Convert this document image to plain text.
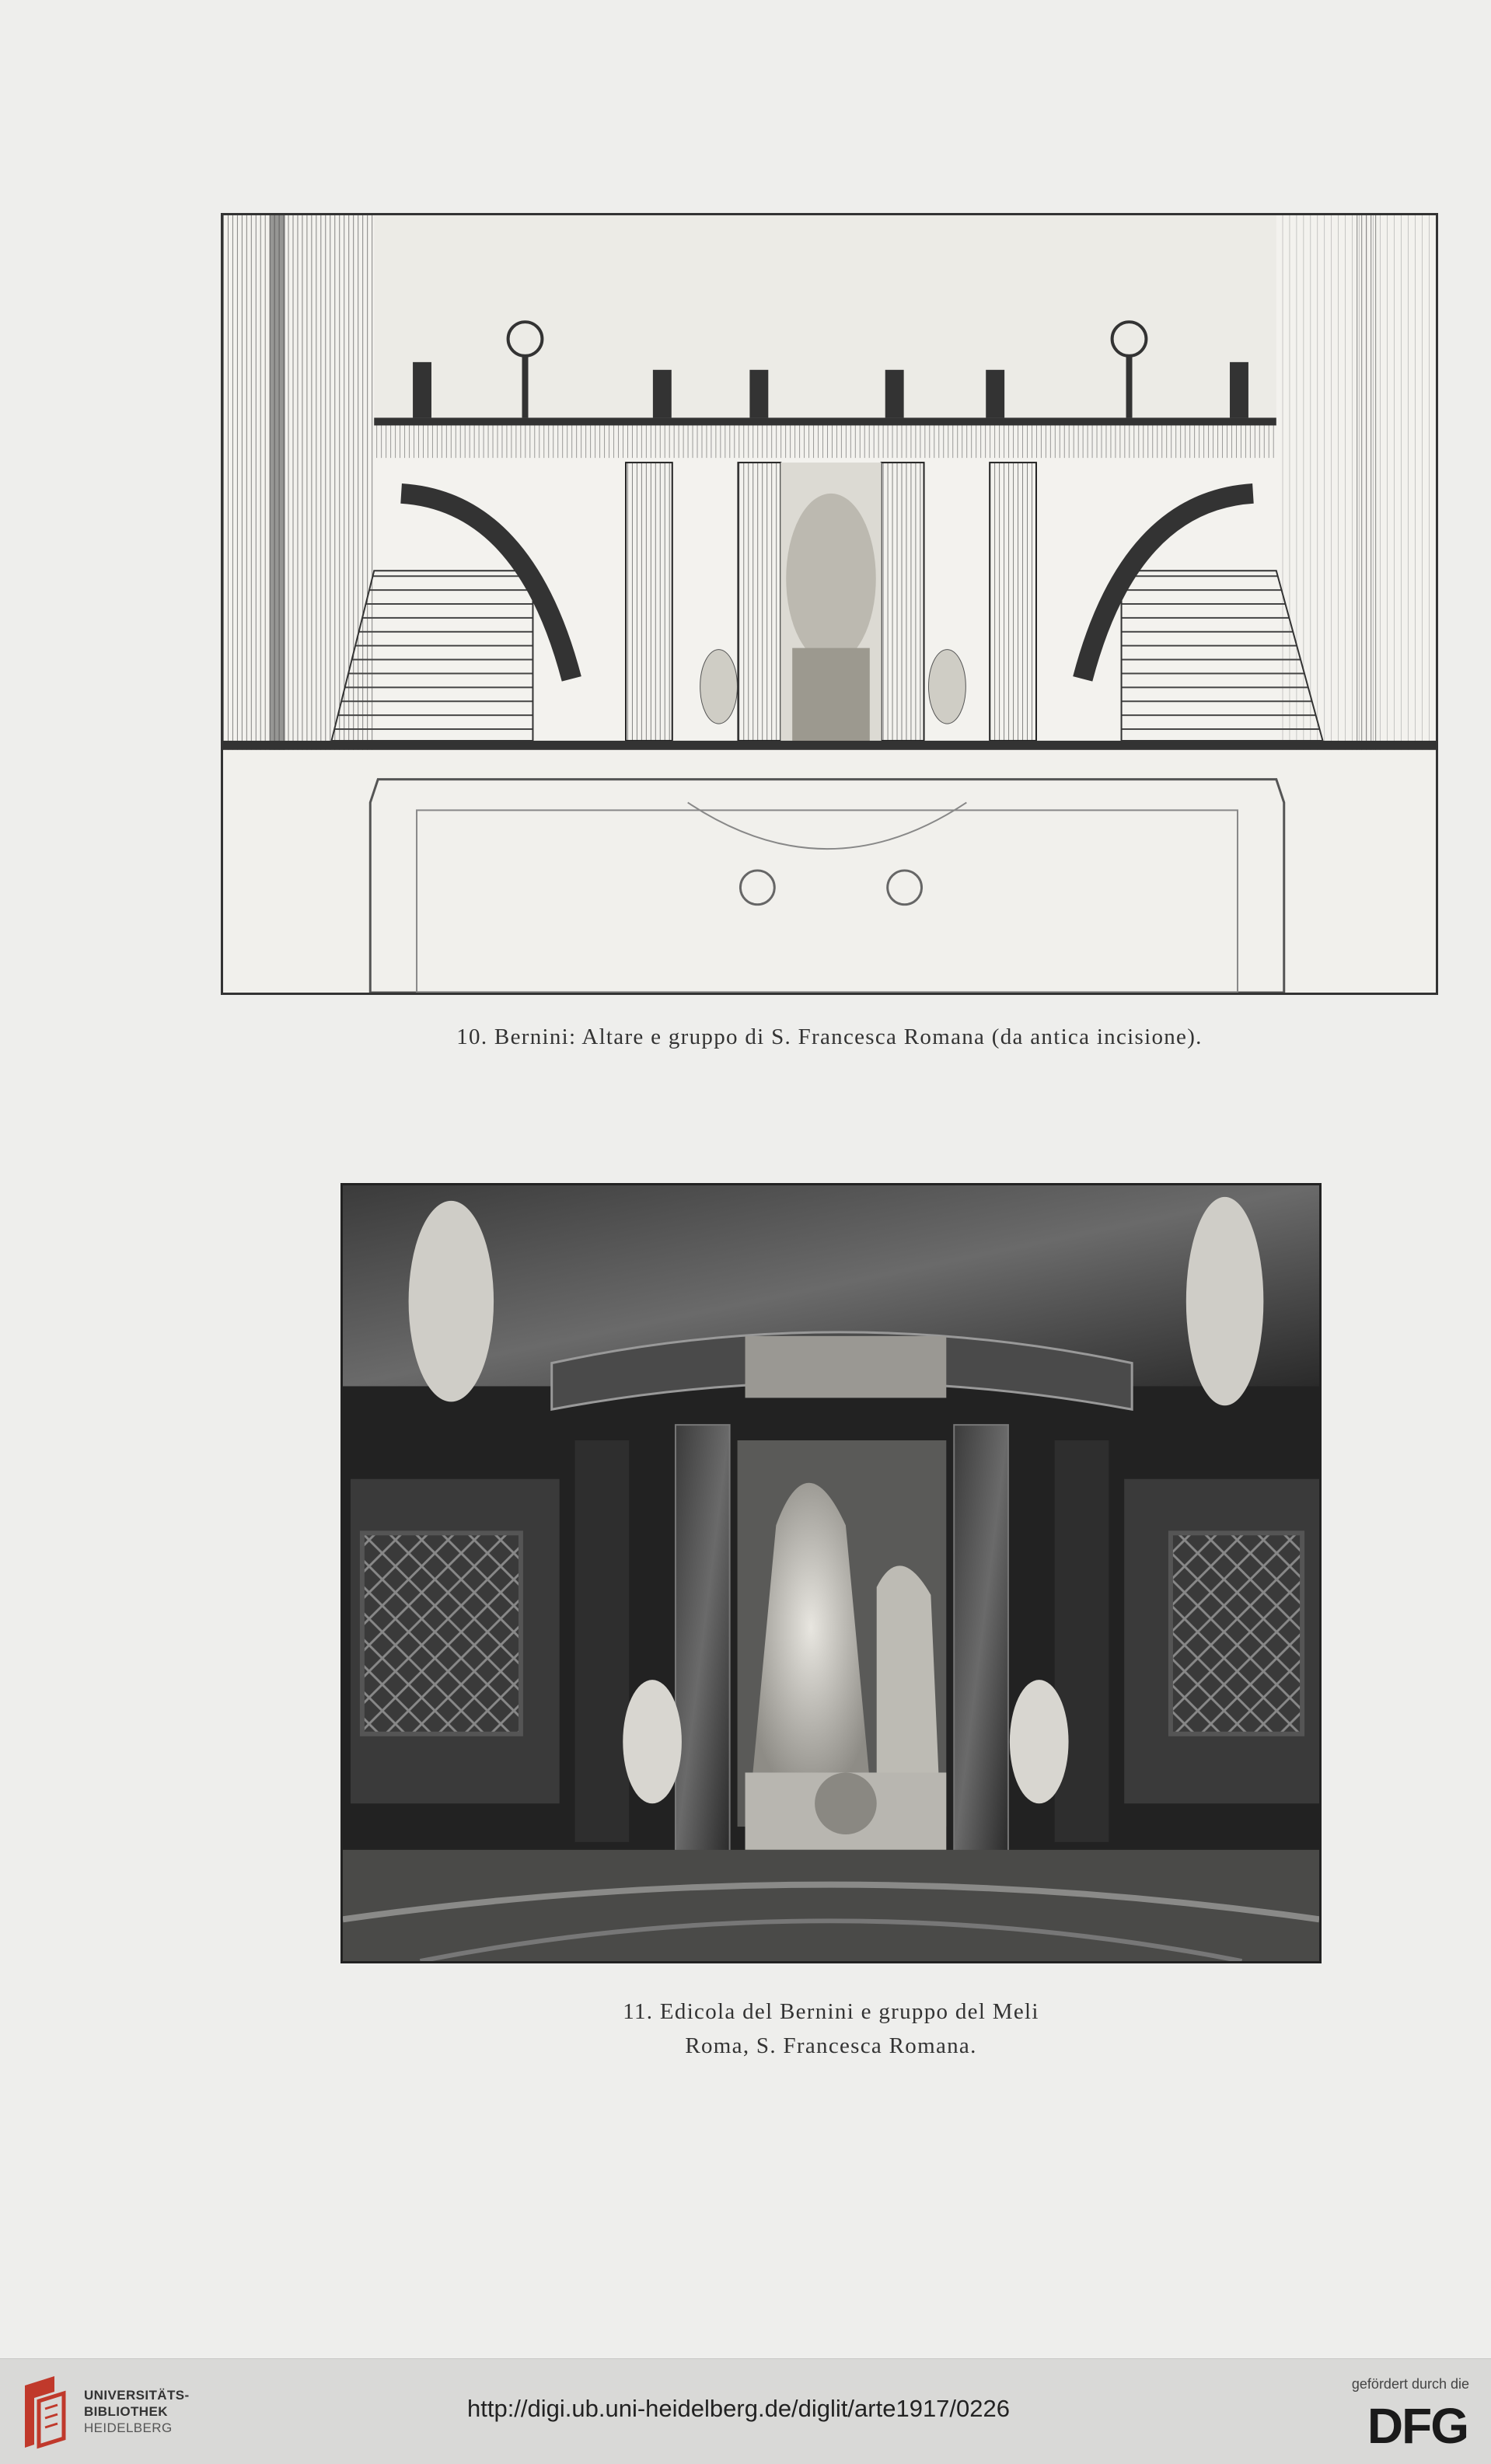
10. Bernini: Altare e gruppo di S. Francesca Romana (da antica incisione).
11. Edicola del Bernini e gruppo del Meli
Roma, S. Francesca Romana.
UNIVERSITÄTS-
BIBLIOTHEK
HEIDELBERG
http://digi.ub.uni-heidelberg.de/diglit/arte1917/0226
gefördert durch die
DFG
